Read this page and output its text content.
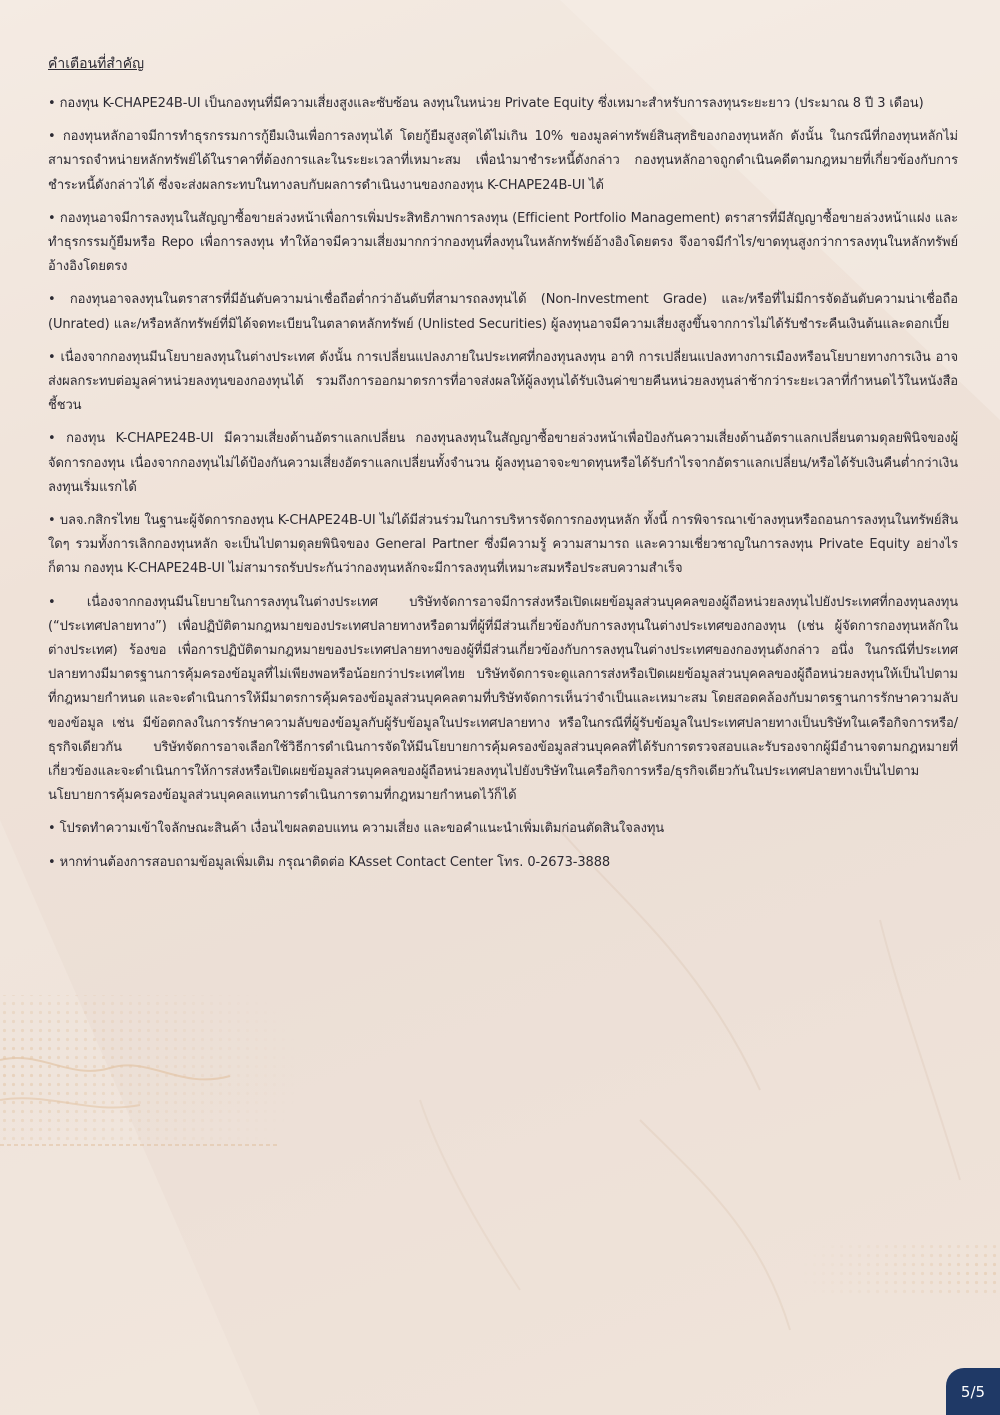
คำเตือนที่สำคัญ

• กองทุน K-CHAPE24B-UI เป็นกองทุนที่มีความเสี่ยงสูงและซับซ้อน ลงทุนในหน่วย Private Equity ซึ่งเหมาะสำหรับการลงทุนระยะยาว (ประมาณ 8 ปี 3 เดือน)

• กองทุนหลักอาจมีการทำธุรกรรมการกู้ยืมเงินเพื่อการลงทุนได้ โดยกู้ยืมสูงสุดได้ไม่เกิน 10% ของมูลค่าทรัพย์สินสุทธิของกองทุนหลัก ดังนั้น ในกรณีที่กองทุนหลักไม่สามารถจำหน่ายหลักทรัพย์ได้ในราคาที่ต้องการและในระยะเวลาที่เหมาะสม เพื่อนำมาชำระหนี้ดังกล่าว กองทุนหลักอาจถูกดำเนินคดีตามกฎหมายที่เกี่ยวข้องกับการชำระหนี้ดังกล่าวได้ ซึ่งจะส่งผลกระทบในทางลบกับผลการดำเนินงานของกองทุน K-CHAPE24B-UI ได้

• กองทุนอาจมีการลงทุนในสัญญาซื้อขายล่วงหน้าเพื่อการเพิ่มประสิทธิภาพการลงทุน (Efficient Portfolio Management) ตราสารที่มีสัญญาซื้อขายล่วงหน้าแฝง และทำธุรกรรมกู้ยืมหรือ Repo เพื่อการลงทุน ทำให้อาจมีความเสี่ยงมากกว่ากองทุนที่ลงทุนในหลักทรัพย์อ้างอิงโดยตรง จึงอาจมีกำไร/ขาดทุนสูงกว่าการลงทุนในหลักทรัพย์อ้างอิงโดยตรง

• กองทุนอาจลงทุนในตราสารที่มีอันดับความน่าเชื่อถือต่ำกว่าอันดับที่สามารถลงทุนได้ (Non-Investment Grade) และ/หรือที่ไม่มีการจัดอันดับความน่าเชื่อถือ (Unrated) และ/หรือหลักทรัพย์ที่มิได้จดทะเบียนในตลาดหลักทรัพย์ (Unlisted Securities) ผู้ลงทุนอาจมีความเสี่ยงสูงขึ้นจากการไม่ได้รับชำระคืนเงินต้นและดอกเบี้ย

• เนื่องจากกองทุนมีนโยบายลงทุนในต่างประเทศ ดังนั้น การเปลี่ยนแปลงภายในประเทศที่กองทุนลงทุน อาทิ การเปลี่ยนแปลงทางการเมืองหรือนโยบายทางการเงิน อาจส่งผลกระทบต่อมูลค่าหน่วยลงทุนของกองทุนได้ รวมถึงการออกมาตรการที่อาจส่งผลให้ผู้ลงทุนได้รับเงินค่าขายคืนหน่วยลงทุนล่าช้ากว่าระยะเวลาที่กำหนดไว้ในหนังสือชี้ชวน

• กองทุน K-CHAPE24B-UI มีความเสี่ยงด้านอัตราแลกเปลี่ยน กองทุนลงทุนในสัญญาซื้อขายล่วงหน้าเพื่อป้องกันความเสี่ยงด้านอัตราแลกเปลี่ยนตามดุลยพินิจของผู้จัดการกองทุน เนื่องจากกองทุนไม่ได้ป้องกันความเสี่ยงอัตราแลกเปลี่ยนทั้งจำนวน ผู้ลงทุนอาจจะขาดทุนหรือได้รับกำไรจากอัตราแลกเปลี่ยน/หรือได้รับเงินคืนต่ำกว่าเงินลงทุนเริ่มแรกได้

• บลจ.กสิกรไทย ในฐานะผู้จัดการกองทุน K-CHAPE24B-UI ไม่ได้มีส่วนร่วมในการบริหารจัดการกองทุนหลัก ทั้งนี้ การพิจารณาเข้าลงทุนหรือถอนการลงทุนในทรัพย์สินใดๆ รวมทั้งการเลิกกองทุนหลัก จะเป็นไปตามดุลยพินิจของ General Partner ซึ่งมีความรู้ ความสามารถ และความเชี่ยวชาญในการลงทุน Private Equity อย่างไรก็ตาม กองทุน K-CHAPE24B-UI ไม่สามารถรับประกันว่ากองทุนหลักจะมีการลงทุนที่เหมาะสมหรือประสบความสำเร็จ

• เนื่องจากกองทุนมีนโยบายในการลงทุนในต่างประเทศ บริษัทจัดการอาจมีการส่งหรือเปิดเผยข้อมูลส่วนบุคคลของผู้ถือหน่วยลงทุนไปยังประเทศที่กองทุนลงทุน (“ประเทศปลายทาง”) เพื่อปฏิบัติตามกฎหมายของประเทศปลายทางหรือตามที่ผู้ที่มีส่วนเกี่ยวข้องกับการลงทุนในต่างประเทศของกองทุน (เช่น ผู้จัดการกองทุนหลักในต่างประเทศ) ร้องขอ เพื่อการปฏิบัติตามกฎหมายของประเทศปลายทางของผู้ที่มีส่วนเกี่ยวข้องกับการลงทุนในต่างประเทศของกองทุนดังกล่าว อนึ่ง ในกรณีที่ประเทศปลายทางมีมาตรฐานการคุ้มครองข้อมูลที่ไม่เพียงพอหรือน้อยกว่าประเทศไทย บริษัทจัดการจะดูแลการส่งหรือเปิดเผยข้อมูลส่วนบุคคลของผู้ถือหน่วยลงทุนให้เป็นไปตามที่กฎหมายกำหนด และจะดำเนินการให้มีมาตรการคุ้มครองข้อมูลส่วนบุคคลตามที่บริษัทจัดการเห็นว่าจำเป็นและเหมาะสม โดยสอดคล้องกับมาตรฐานการรักษาความลับของข้อมูล เช่น มีข้อตกลงในการรักษาความลับของข้อมูลกับผู้รับข้อมูลในประเทศปลายทาง หรือในกรณีที่ผู้รับข้อมูลในประเทศปลายทางเป็นบริษัทในเครือกิจการหรือ/ธุรกิจเดียวกัน บริษัทจัดการอาจเลือกใช้วิธีการดำเนินการจัดให้มีนโยบายการคุ้มครองข้อมูลส่วนบุคคลที่ได้รับการตรวจสอบและรับรองจากผู้มีอำนาจตามกฎหมายที่เกี่ยวข้องและจะดำเนินการให้การส่งหรือเปิดเผยข้อมูลส่วนบุคคลของผู้ถือหน่วยลงทุนไปยังบริษัทในเครือกิจการหรือ/ธุรกิจเดียวกันในประเทศปลายทางเป็นไปตามนโยบายการคุ้มครองข้อมูลส่วนบุคคลแทนการดำเนินการตามที่กฎหมายกำหนดไว้ก็ได้

• โปรดทำความเข้าใจลักษณะสินค้า เงื่อนไขผลตอบแทน ความเสี่ยง และขอคำแนะนำเพิ่มเติมก่อนตัดสินใจลงทุน

• หากท่านต้องการสอบถามข้อมูลเพิ่มเติม กรุณาติดต่อ KAsset Contact Center โทร. 0-2673-3888

5/5
